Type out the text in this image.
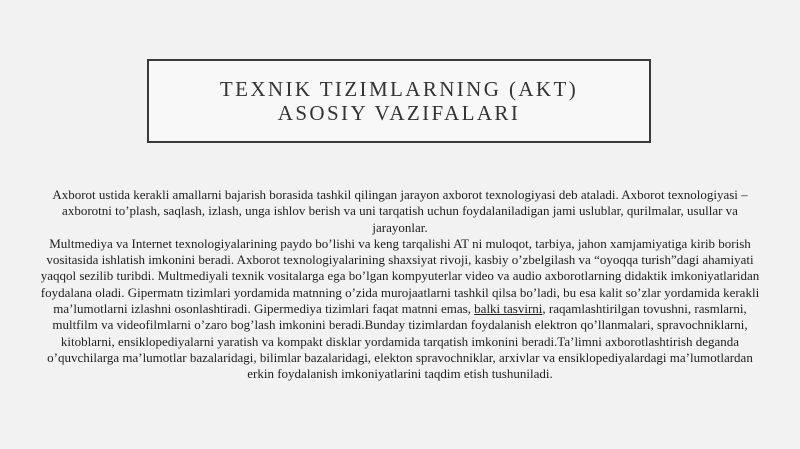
TEXNIK TIZIMLARNING (AKT)
ASOSIY VAZIFALARI

Axborot ustida kerakli amallarni bajarish borasida tashkil qilingan jarayon axborot texnologiyasi deb ataladi. Axborot texnologiyasi – axborotni to’plash, saqlash, izlash, unga ishlov berish va uni tarqatish uchun foydalaniladigan jami uslublar, qurilmalar, usullar va jarayonlar.

Multmediya va Internet texnologiyalarining paydo bo’lishi va keng tarqalishi AT ni muloqot, tarbiya, jahon xamjamiyatiga kirib borish vositasida ishlatish imkonini beradi. Axborot texnologiyalarining shaxsiyat rivoji, kasbiy o’zbelgilash va “oyoqqa turish”dagi ahamiyati yaqqol sezilib turibdi. Multmediyali texnik vositalarga ega bo’lgan kompyuterlar video va audio axborotlarning didaktik imkoniyatlaridan foydalana oladi. Gipermatn tizimlari yordamida matnning o’zida murojaatlarni tashkil qilsa bo’ladi, bu esa kalit so’zlar yordamida kerakli ma’lumotlarni izlashni osonlashtiradi. Gipermediya tizimlari faqat matnni emas, balki tasvirni, raqamlashtirilgan tovushni, rasmlarni, multfilm va videofilmlarni o’zaro bog’lash imkonini beradi.Bunday tizimlardan foydalanish elektron qo’llanmalari, spravochniklarni, kitoblarni, ensiklopediyalarni yaratish va kompakt disklar yordamida tarqatish imkonini beradi.Ta’limni axborotlashtirish deganda o’quvchilarga ma’lumotlar bazalaridagi, bilimlar bazalaridagi, elekton spravochniklar, arxivlar va ensiklopediyalardagi ma’lumotlardan erkin foydalanish imkoniyatlarini taqdim etish tushuniladi.
